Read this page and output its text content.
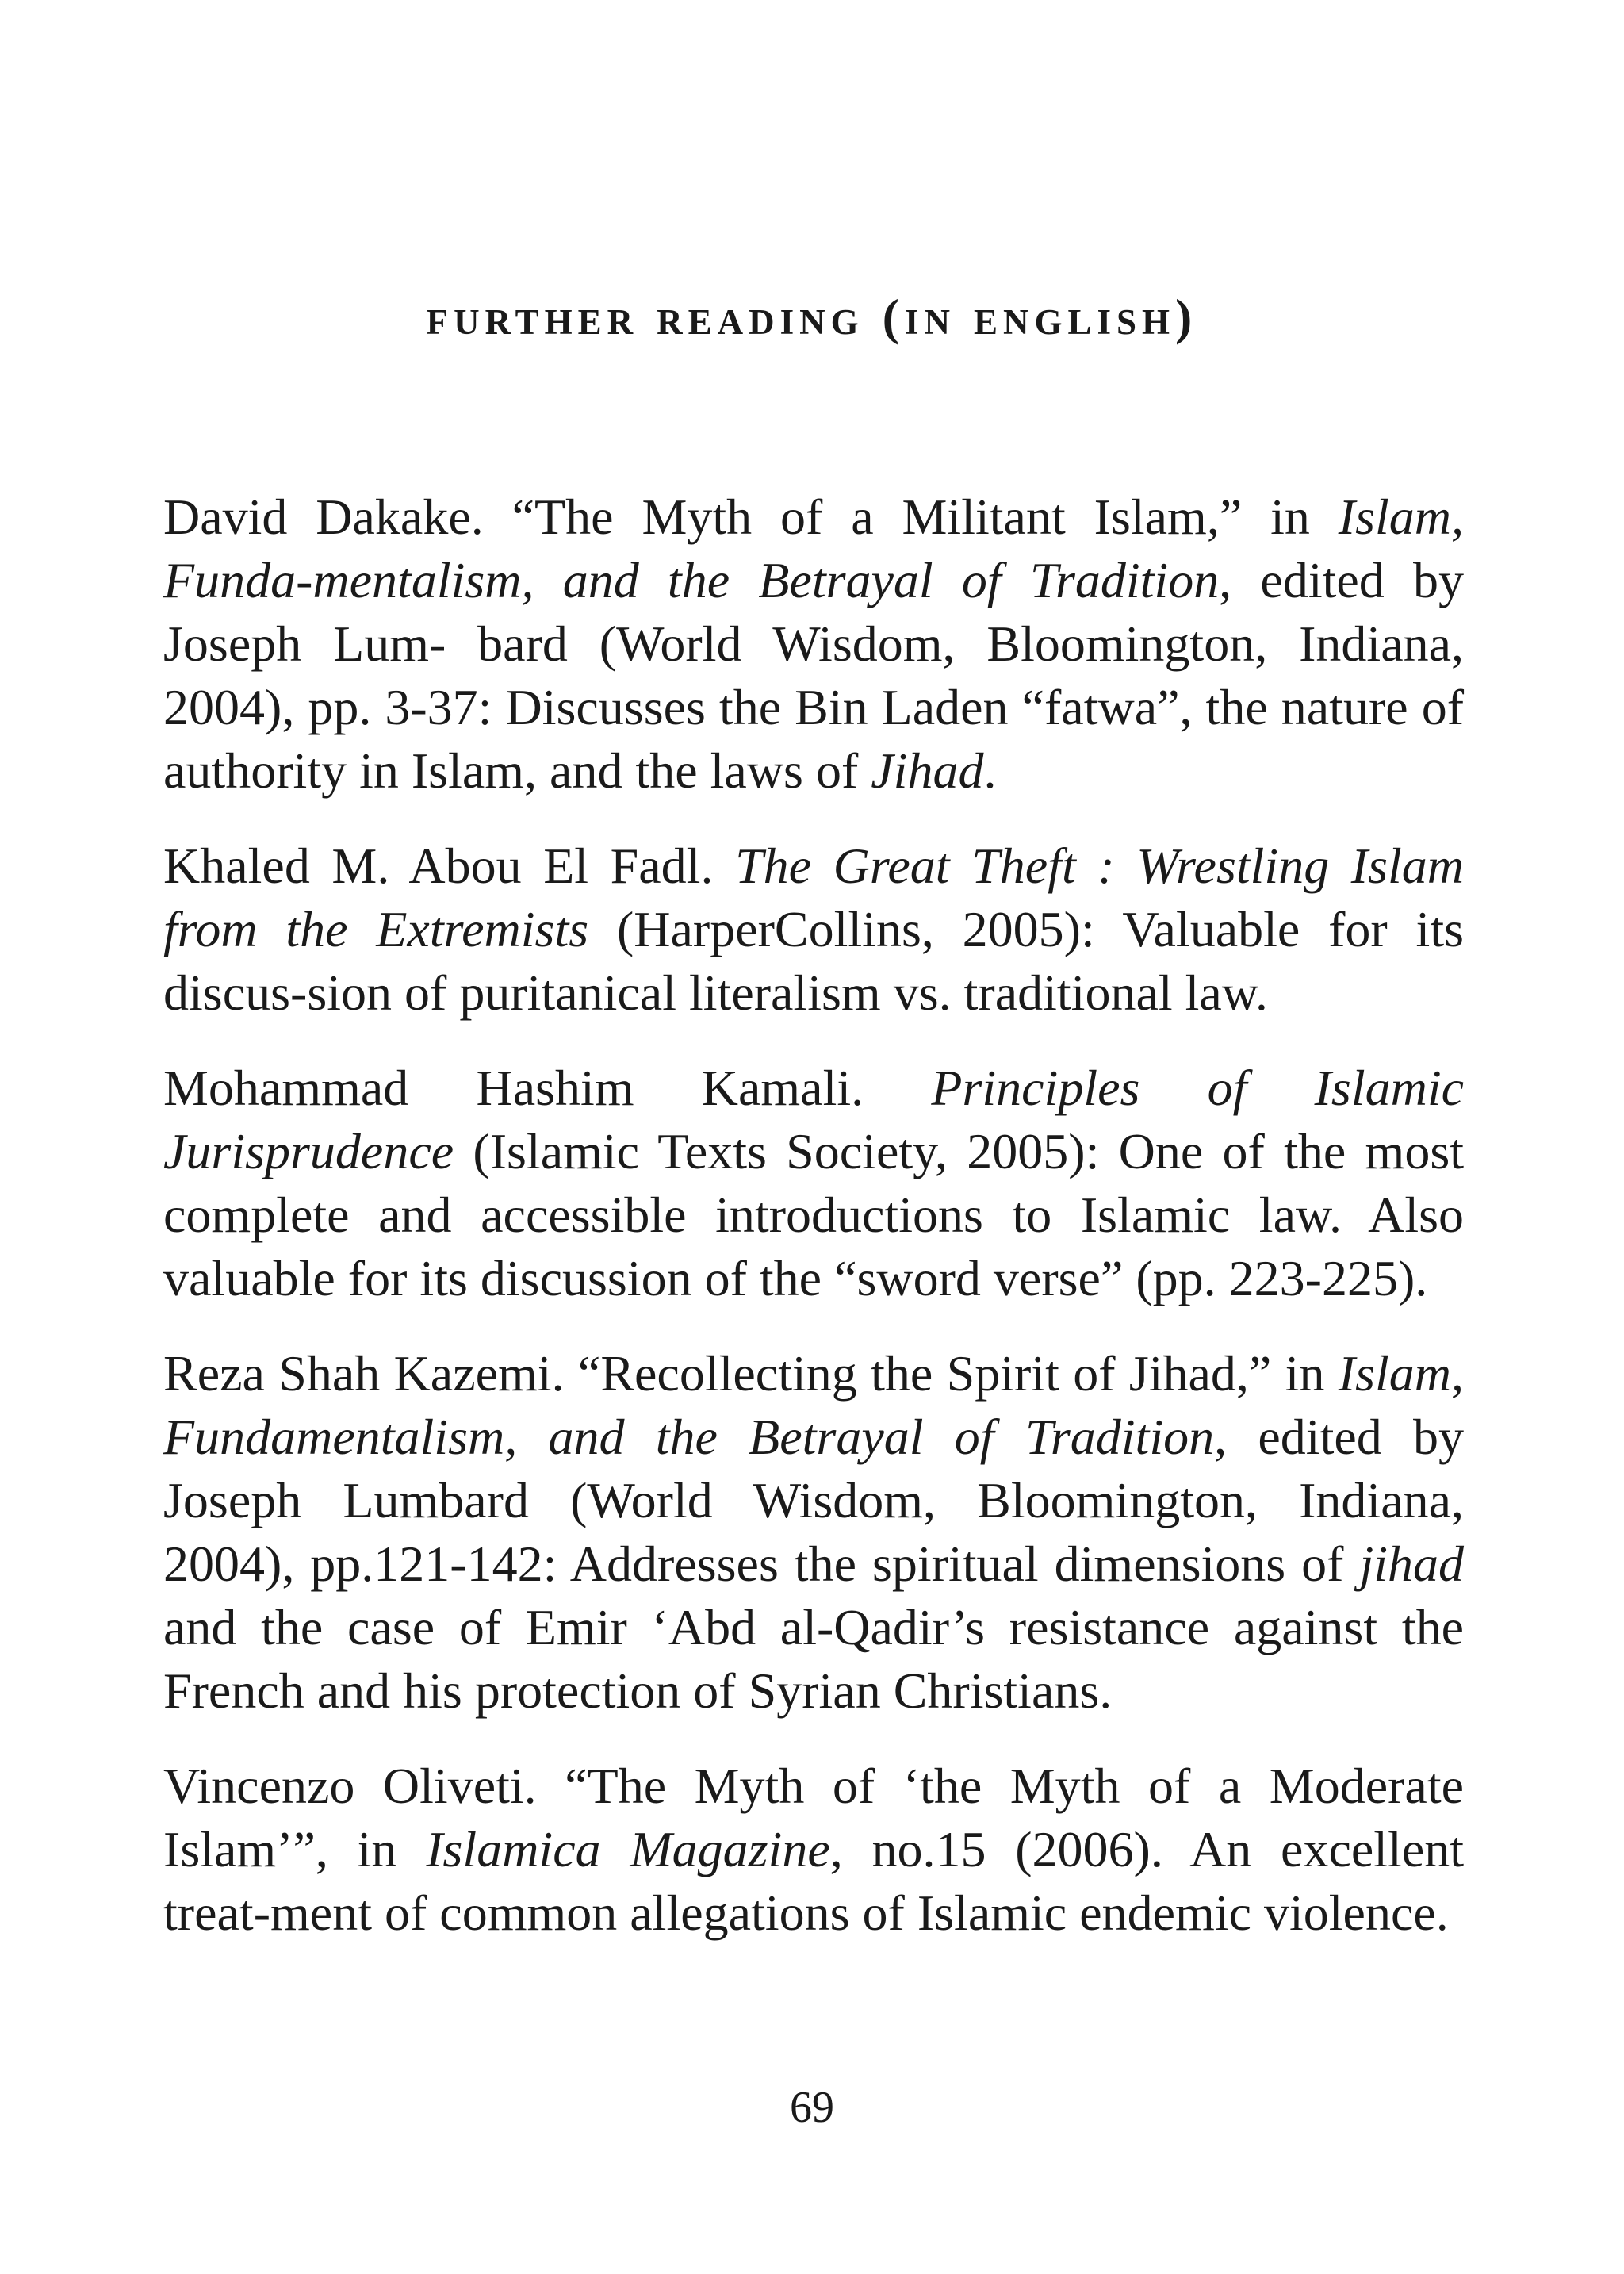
further reading (in english)

David Dakake. “The Myth of a Militant Islam,” in Islam, Funda-mentalism, and the Betrayal of Tradition, edited by Joseph Lum- bard (World Wisdom, Bloomington, Indiana, 2004), pp. 3-37: Discusses the Bin Laden “fatwa”, the nature of authority in Islam, and the laws of Jihad.

Khaled M. Abou El Fadl. The Great Theft : Wrestling Islam from the Extremists (HarperCollins, 2005): Valuable for its discus-sion of puritanical literalism vs. traditional law.

Mohammad Hashim Kamali. Principles of Islamic Jurisprudence (Islamic Texts Society, 2005): One of the most complete and accessible introductions to Islamic law. Also valuable for its discussion of the “sword verse” (pp. 223-225).

Reza Shah Kazemi. “Recollecting the Spirit of Jihad,” in Islam, Fundamentalism, and the Betrayal of Tradition, edited by Joseph Lumbard (World Wisdom, Bloomington, Indiana, 2004), pp.121-142: Addresses the spiritual dimensions of jihad and the case of Emir ‘Abd al-Qadir’s resistance against the French and his protection of Syrian Christians.

Vincenzo Oliveti. “The Myth of ‘the Myth of a Moderate Islam’”, in Islamica Magazine, no.15 (2006). An excellent treat-ment of common allegations of Islamic endemic violence.

69
